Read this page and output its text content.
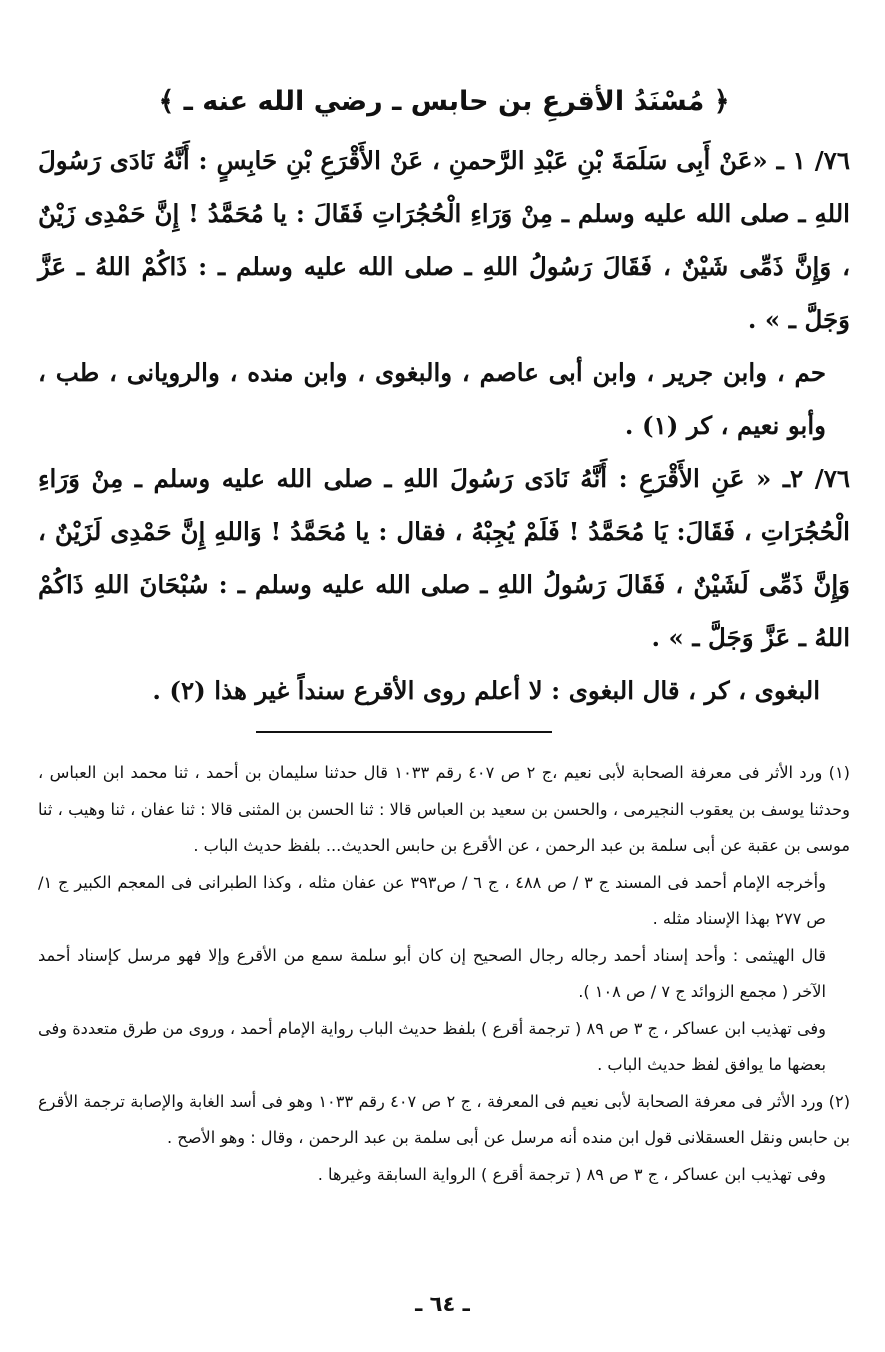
﴿ مُسْنَدُ الأقرعِ بن حابس ـ رضي الله عنه ـ ﴾

٧٦/ ١ ـ «عَنْ أَبِى سَلَمَةَ بْنِ عَبْدِ الرَّحمنِ ، عَنْ الأَقْرَعِ بْنِ حَابِسٍ : أَنَّهُ نَادَى رَسُولَ اللهِ ـ صلى الله عليه وسلم ـ مِنْ وَرَاءِ الْحُجُرَاتِ فَقَالَ : يا مُحَمَّدُ ! إِنَّ حَمْدِى زَيْنٌ ، وَإِنَّ ذَمِّى شَيْنٌ ، فَقَالَ رَسُولُ اللهِ ـ صلى الله عليه وسلم ـ : ذَاكُمْ اللهُ ـ عَزَّ وَجَلَّ ـ » .

حم ، وابن جرير ، وابن أبى عاصم ، والبغوى ، وابن منده ، والرويانى ، طب ، وأبو نعيم ، كر (١) .

٧٦/ ٢ـ « عَنِ الأَقْرَعِ : أَنَّهُ نَادَى رَسُولَ اللهِ ـ صلى الله عليه وسلم ـ مِنْ وَرَاءِ الْحُجُرَاتِ ، فَقَالَ: يَا مُحَمَّدُ ! فَلَمْ يُجِبْهُ ، فقال : يا مُحَمَّدُ ! وَاللهِ إِنَّ حَمْدِى لَزَيْنٌ ، وَإِنَّ ذَمِّى لَشَيْنٌ ، فَقَالَ رَسُولُ اللهِ ـ صلى الله عليه وسلم ـ : سُبْحَانَ اللهِ ذَاكُمْ اللهُ ـ عَزَّ وَجَلَّ ـ » .

البغوى ، كر ، قال البغوى : لا أعلم روى الأقرع سنداً غير هذا (٢) .

(١) ورد الأثر فى معرفة الصحابة لأبى نعيم ،ج ٢ ص ٤٠٧ رقم ١٠٣٣ قال حدثنا سليمان بن أحمد ، ثنا محمد ابن العباس ، وحدثنا يوسف بن يعقوب النجيرمى ، والحسن بن سعيد بن العباس قالا : ثنا الحسن بن المثنى قالا : ثنا عفان ، ثنا وهيب ، ثنا موسى بن عقبة عن أبى سلمة بن عبد الرحمن ، عن الأقرع بن حابس الحديث... بلفظ حديث الباب .

وأخرجه الإمام أحمد فى المسند ج ٣ / ص ٤٨٨ ، ج ٦ / ص٣٩٣ عن عفان مثله ، وكذا الطبرانى فى المعجم الكبير ج ١/ ص ٢٧٧ بهذا الإسناد مثله .

قال الهيثمى : وأحد إسناد أحمد رجاله رجال الصحيح إن كان أبو سلمة سمع من الأقرع وإلا فهو مرسل كإسناد أحمد الآخر ( مجمع الزوائد ج ٧ / ص ١٠٨ ).

وفى تهذيب ابن عساكر ، ج ٣ ص ٨٩ ( ترجمة أقرع ) بلفظ حديث الباب رواية الإمام أحمد ، وروى من طرق متعددة وفى بعضها ما يوافق لفظ حديث الباب .

(٢) ورد الأثر فى معرفة الصحابة لأبى نعيم فى المعرفة ، ج ٢ ص ٤٠٧ رقم ١٠٣٣ وهو فى أسد الغابة والإصابة ترجمة الأقرع بن حابس ونقل العسقلانى قول ابن منده أنه مرسل عن أبى سلمة بن عبد الرحمن ، وقال : وهو الأصح .

وفى تهذيب ابن عساكر ، ج ٣ ص ٨٩ ( ترجمة أقرع ) الرواية السابقة وغيرها .

ـ ٦٤ ـ
